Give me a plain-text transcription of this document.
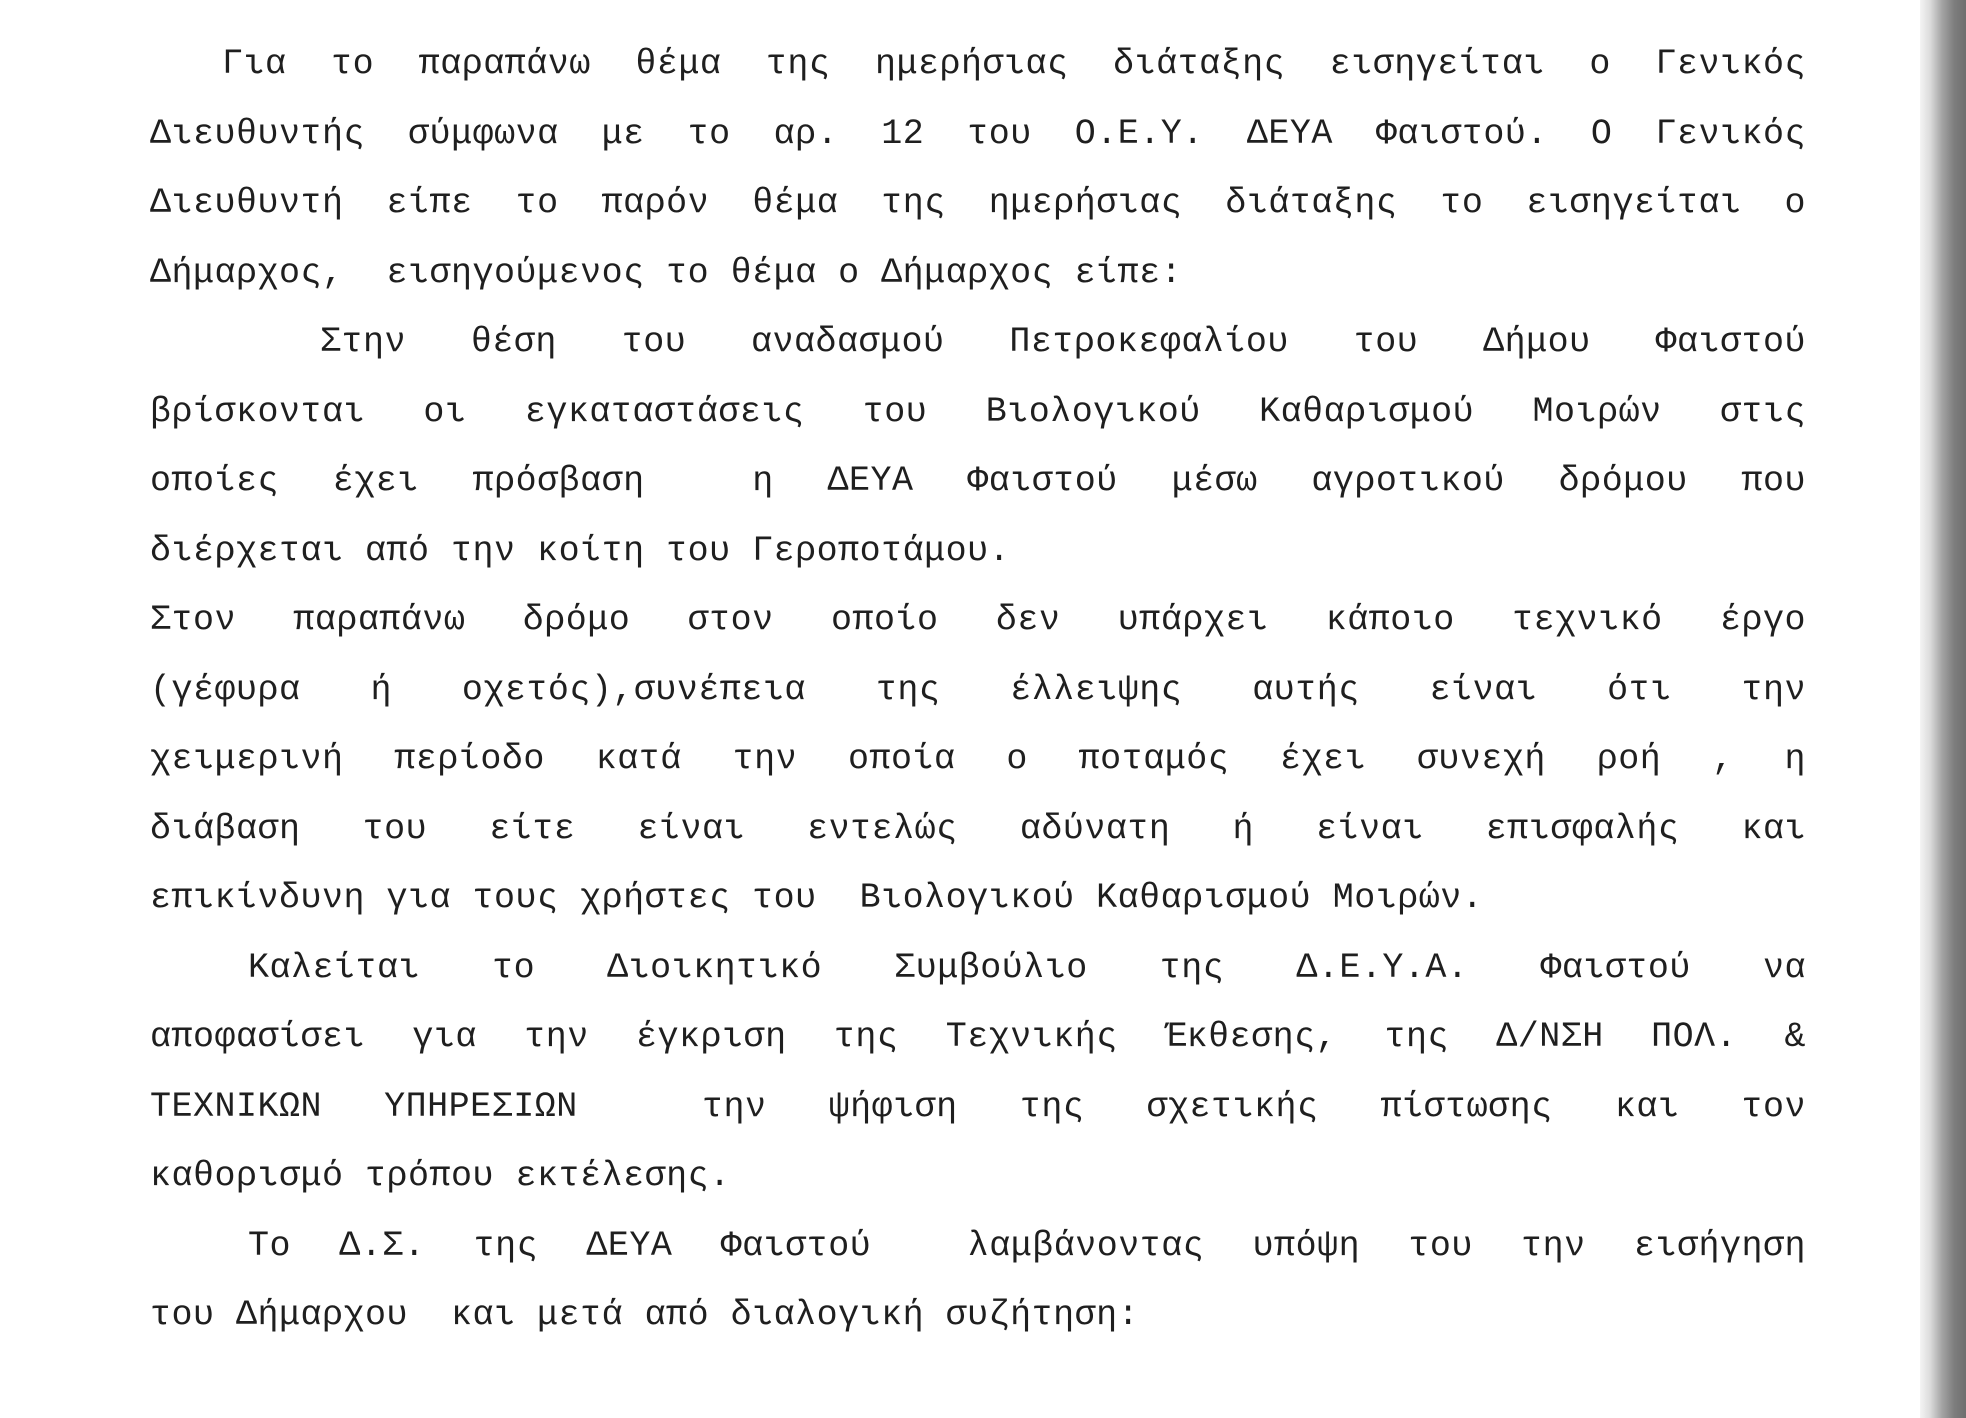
Για το παραπάνω θέμα της ημερήσιας διάταξης εισηγείται ο Γενικός
Διευθυντής σύμφωνα με το αρ. 12 του Ο.Ε.Υ. ΔΕΥΑ Φαιστού. Ο Γενικός
Διευθυντή είπε το παρόν θέμα της ημερήσιας διάταξης το εισηγείται ο
Δήμαρχος,  εισηγούμενος το θέμα ο Δήμαρχος είπε:
Στην θέση του αναδασμού Πετροκεφαλίου του Δήμου Φαιστού
βρίσκονται οι εγκαταστάσεις του Βιολογικού Καθαρισμού Μοιρών στις
οποίες έχει πρόσβαση  η ΔΕΥΑ Φαιστού μέσω αγροτικού δρόμου που
διέρχεται από την κοίτη του Γεροποτάμου.
Στον παραπάνω δρόμο στον οποίο δεν υπάρχει κάποιο τεχνικό έργο
(γέφυρα ή οχετός),συνέπεια της έλλειψης αυτής είναι ότι την
χειμερινή περίοδο κατά την οποία ο ποταμός έχει συνεχή ροή , η
διάβαση του είτε είναι εντελώς αδύνατη ή είναι επισφαλής και
επικίνδυνη για τους χρήστες του  Βιολογικού Καθαρισμού Μοιρών.
Καλείται το Διοικητικό Συμβούλιο της Δ.Ε.Υ.Α. Φαιστού να
αποφασίσει για την έγκριση της Τεχνικής Έκθεσης, της Δ/ΝΣΗ ΠΟΛ. &
ΤΕΧΝΙΚΩΝ ΥΠΗΡΕΣΙΩΝ  την ψήφιση της σχετικής πίστωσης και τον
καθορισμό τρόπου εκτέλεσης.
Το Δ.Σ. της ΔΕΥΑ Φαιστού  λαμβάνοντας υπόψη του την εισήγηση
του Δήμαρχου  και μετά από διαλογική συζήτηση:
